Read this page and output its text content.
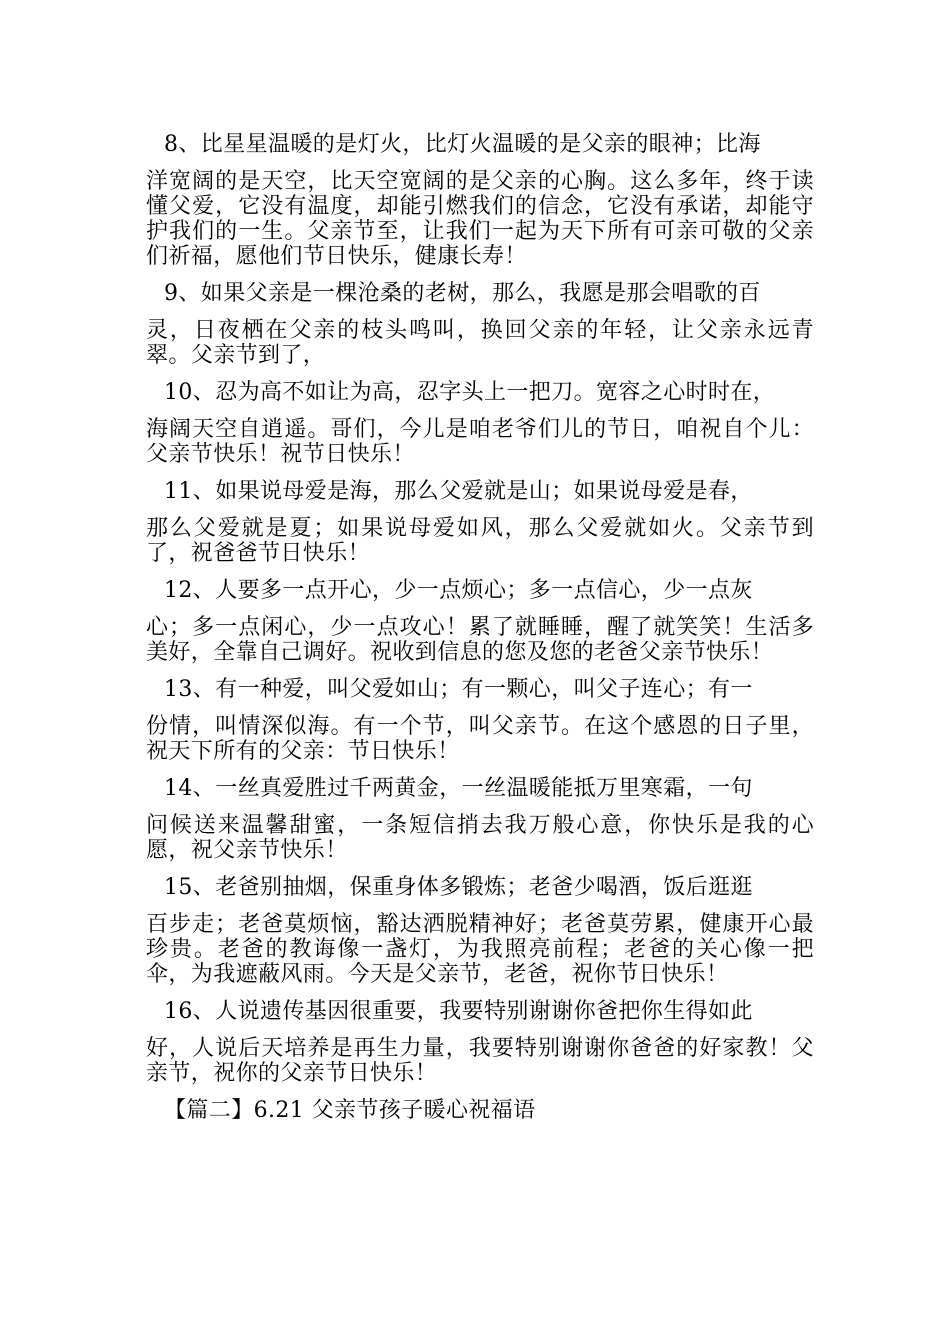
8、比星星温暖的是灯火，比灯火温暖的是父亲的眼神；比海
洋宽阔的是天空，比天空宽阔的是父亲的心胸。这么多年，终于读懂父爱，它没有温度，却能引燃我们的信念，它没有承诺，却能守护我们的一生。父亲节至，让我们一起为天下所有可亲可敬的父亲们祈福，愿他们节日快乐，健康长寿！
9、如果父亲是一棵沧桑的老树，那么，我愿是那会唱歌的百
灵，日夜栖在父亲的枝头鸣叫，换回父亲的年轻，让父亲永远青翠。父亲节到了，
10、忍为高不如让为高，忍字头上一把刀。宽容之心时时在，
海阔天空自逍遥。哥们，今儿是咱老爷们儿的节日，咱祝自个儿：父亲节快乐！祝节日快乐！
11、如果说母爱是海，那么父爱就是山；如果说母爱是春，
那么父爱就是夏；如果说母爱如风，那么父爱就如火。父亲节到了，祝爸爸节日快乐！
12、人要多一点开心，少一点烦心；多一点信心，少一点灰
心；多一点闲心，少一点攻心！累了就睡睡，醒了就笑笑！生活多美好，全靠自己调好。祝收到信息的您及您的老爸父亲节快乐！
13、有一种爱，叫父爱如山；有一颗心，叫父子连心；有一
份情，叫情深似海。有一个节，叫父亲节。在这个感恩的日子里，祝天下所有的父亲：节日快乐！
14、一丝真爱胜过千两黄金，一丝温暖能抵万里寒霜，一句
问候送来温馨甜蜜，一条短信捎去我万般心意，你快乐是我的心愿，祝父亲节快乐！
15、老爸别抽烟，保重身体多锻炼；老爸少喝酒，饭后逛逛
百步走；老爸莫烦恼，豁达洒脱精神好；老爸莫劳累，健康开心最珍贵。老爸的教诲像一盏灯，为我照亮前程；老爸的关心像一把伞，为我遮蔽风雨。今天是父亲节，老爸，祝你节日快乐！
16、人说遗传基因很重要，我要特别谢谢你爸把你生得如此
好，人说后天培养是再生力量，我要特别谢谢你爸爸的好家教！父亲节，祝你的父亲节日快乐！

【篇二】6.21 父亲节孩子暖心祝福语
